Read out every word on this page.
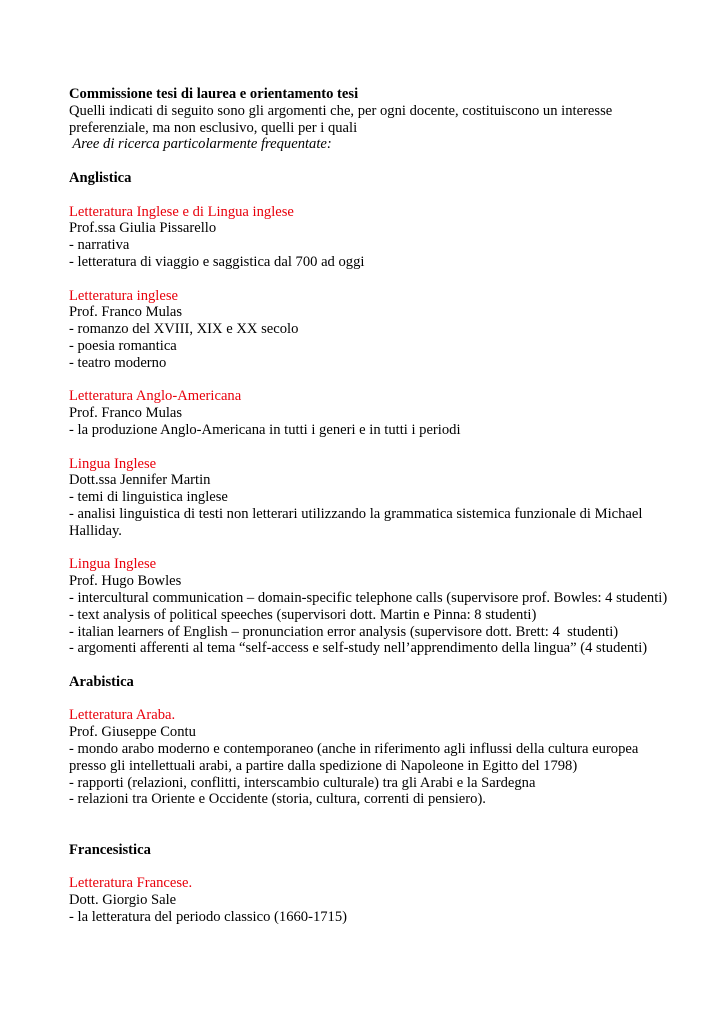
Commissione tesi di laurea e orientamento tesi
Quelli indicati di seguito sono gli argomenti che, per ogni docente, costituiscono un interesse
preferenziale, ma non esclusivo, quelli per i quali
Aree di ricerca particolarmente frequentate:
Anglistica
Letteratura Inglese e di Lingua inglese
Prof.ssa Giulia Pissarello
- narrativa
- letteratura di viaggio e saggistica dal 700 ad oggi
Letteratura inglese
Prof. Franco Mulas
- romanzo del XVIII, XIX e XX secolo
- poesia romantica
- teatro moderno
Letteratura Anglo-Americana
Prof. Franco Mulas
- la produzione Anglo-Americana in tutti i generi e in tutti i periodi
Lingua Inglese
Dott.ssa Jennifer Martin
- temi di linguistica inglese
- analisi linguistica di testi non letterari utilizzando la grammatica sistemica funzionale di Michael Halliday.
Lingua Inglese
Prof. Hugo Bowles
- intercultural communication – domain-specific telephone calls (supervisore prof. Bowles: 4 studenti)
- text analysis of political speeches (supervisori dott. Martin e Pinna: 8 studenti)
- italian learners of English – pronunciation error analysis (supervisore dott. Brett: 4  studenti)
- argomenti afferenti al tema “self-access e self-study nell’apprendimento della lingua” (4 studenti)
Arabistica
Letteratura Araba.
Prof. Giuseppe Contu
- mondo arabo moderno e contemporaneo (anche in riferimento agli influssi della cultura europea presso gli intellettuali arabi, a partire dalla spedizione di Napoleone in Egitto del 1798)
- rapporti (relazioni, conflitti, interscambio culturale) tra gli Arabi e la Sardegna
- relazioni tra Oriente e Occidente (storia, cultura, correnti di pensiero).
Francesistica
Letteratura Francese.
Dott. Giorgio Sale
- la letteratura del periodo classico (1660-1715)
